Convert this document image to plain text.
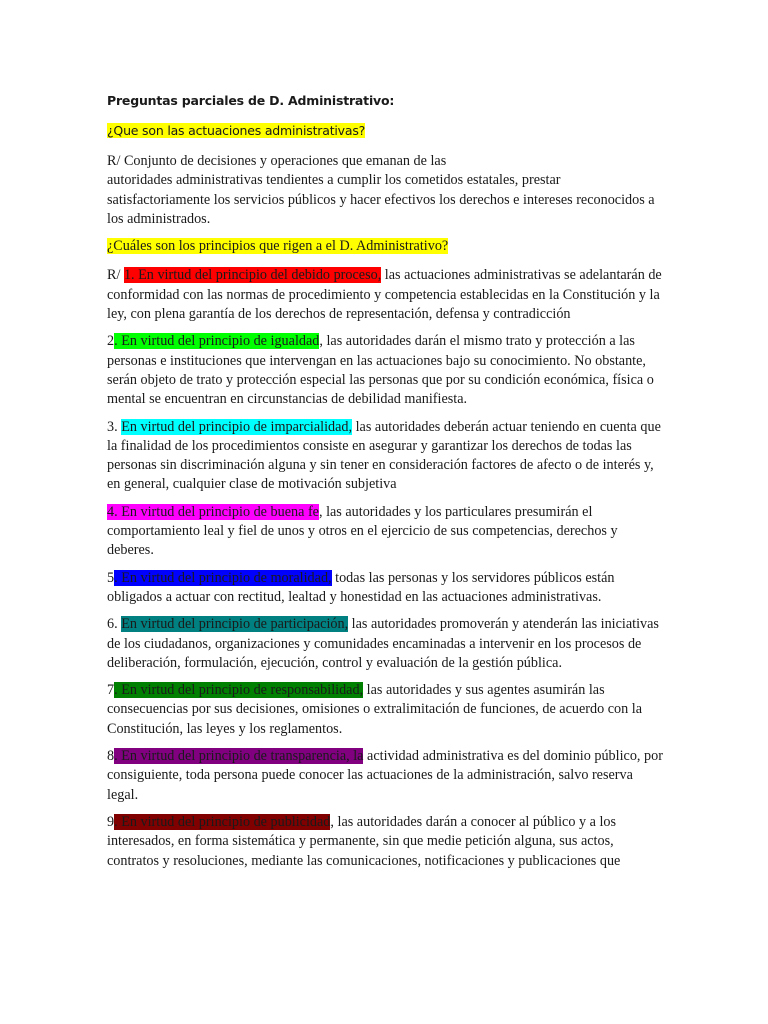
Preguntas parciales de D. Administrativo:

¿Que son las actuaciones administrativas?

R/ Conjunto de decisiones y operaciones que emanan de las
autoridades administrativas tendientes a cumplir los cometidos estatales, prestar satisfactoriamente los servicios públicos y hacer efectivos los derechos e intereses reconocidos a los administrados.

¿Cuáles son los principios que rigen a el D. Administrativo?

R/ 1. En virtud del principio del debido proceso, las actuaciones administrativas se adelantarán de conformidad con las normas de procedimiento y competencia establecidas en la Constitución y la ley, con plena garantía de los derechos de representación, defensa y contradicción

2. En virtud del principio de igualdad, las autoridades darán el mismo trato y protección a las personas e instituciones que intervengan en las actuaciones bajo su conocimiento. No obstante, serán objeto de trato y protección especial las personas que por su condición económica, física o mental se encuentran en circunstancias de debilidad manifiesta.

3. En virtud del principio de imparcialidad, las autoridades deberán actuar teniendo en cuenta que la finalidad de los procedimientos consiste en asegurar y garantizar los derechos de todas las personas sin discriminación alguna y sin tener en consideración factores de afecto o de interés y, en general, cualquier clase de motivación subjetiva

4. En virtud del principio de buena fe, las autoridades y los particulares presumirán el comportamiento leal y fiel de unos y otros en el ejercicio de sus competencias, derechos y deberes.

5. En virtud del principio de moralidad, todas las personas y los servidores públicos están obligados a actuar con rectitud, lealtad y honestidad en las actuaciones administrativas.

6. En virtud del principio de participación, las autoridades promoverán y atenderán las iniciativas de los ciudadanos, organizaciones y comunidades encaminadas a intervenir en los procesos de deliberación, formulación, ejecución, control y evaluación de la gestión pública.

7. En virtud del principio de responsabilidad, las autoridades y sus agentes asumirán las consecuencias por sus decisiones, omisiones o extralimitación de funciones, de acuerdo con la Constitución, las leyes y los reglamentos.

8. En virtud del principio de transparencia, la actividad administrativa es del dominio público, por consiguiente, toda persona puede conocer las actuaciones de la administración, salvo reserva legal.

9. En virtud del principio de publicidad, las autoridades darán a conocer al público y a los interesados, en forma sistemática y permanente, sin que medie petición alguna, sus actos, contratos y resoluciones, mediante las comunicaciones, notificaciones y publicaciones que
